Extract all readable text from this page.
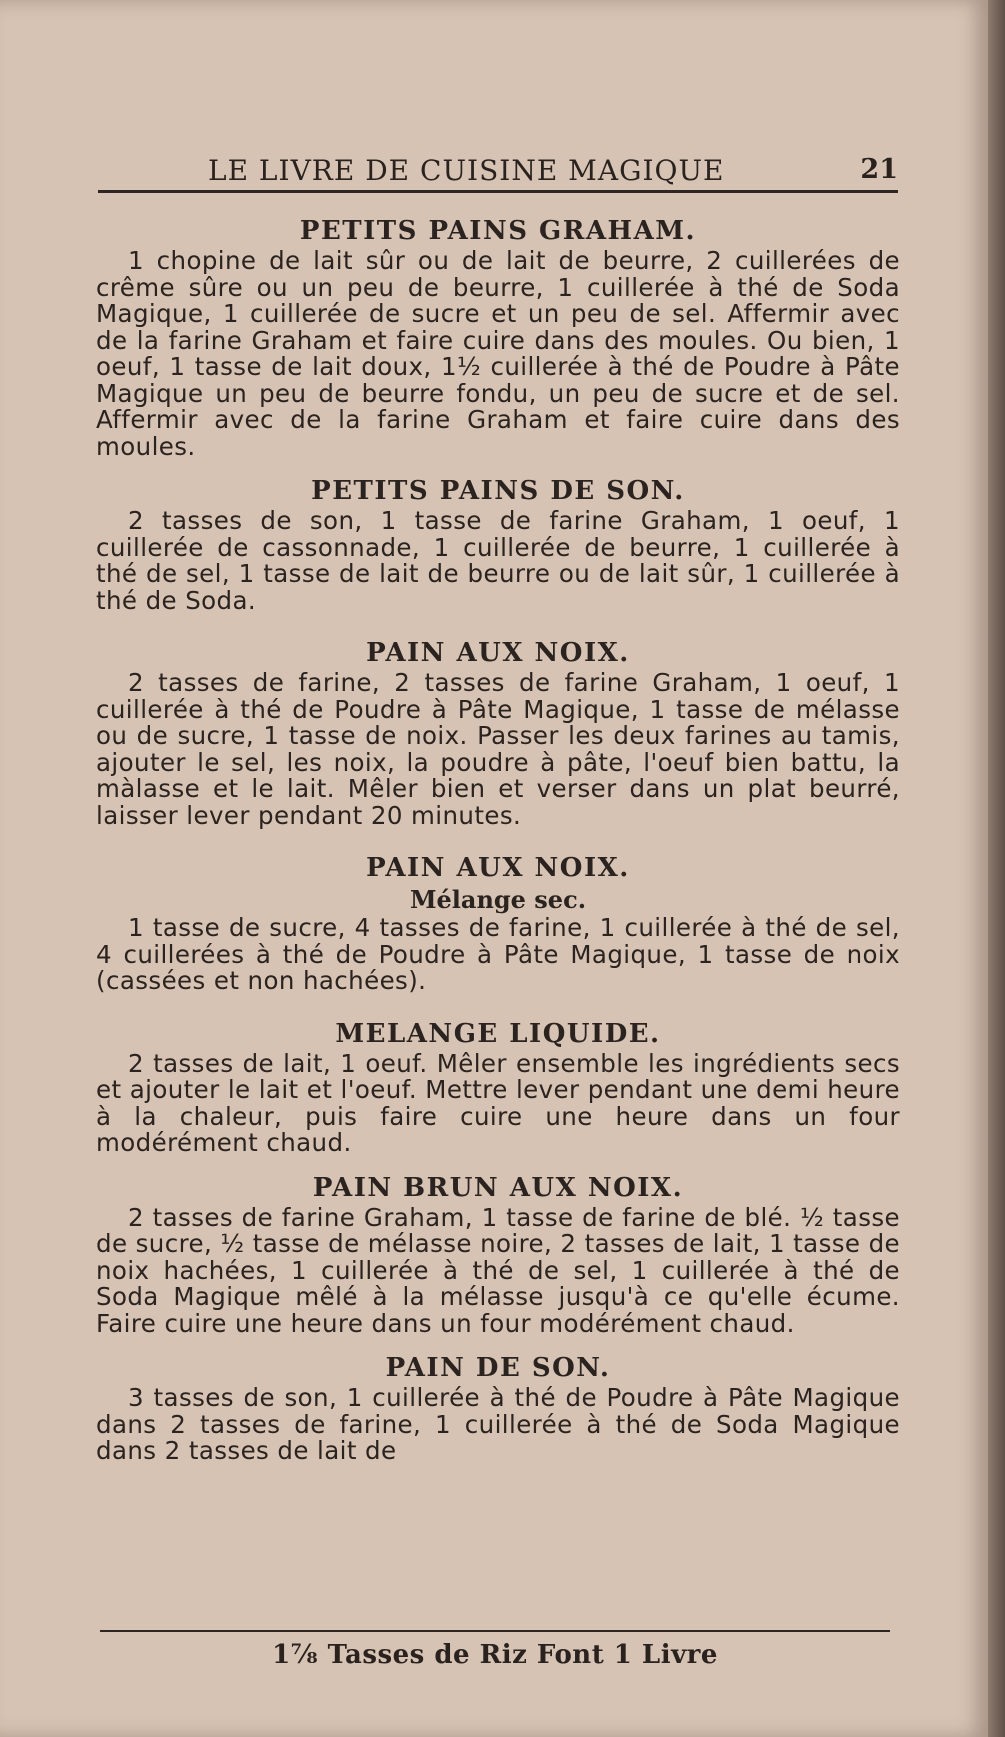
LE LIVRE DE CUISINE MAGIQUE	21
PETITS PAINS GRAHAM.

1 chopine de lait sûr ou de lait de beurre, 2 cuillerées de crême sûre ou un peu de beurre, 1 cuillerée à thé de Soda Magique, 1 cuillerée de sucre et un peu de sel. Affermir avec de la farine Graham et faire cuire dans des moules. Ou bien, 1 oeuf, 1 tasse de lait doux, 1½ cuillerée à thé de Poudre à Pâte Magique un peu de beurre fondu, un peu de sucre et de sel. Affermir avec de la farine Graham et faire cuire dans des moules.

PETITS PAINS DE SON.

2 tasses de son, 1 tasse de farine Graham, 1 oeuf, 1 cuillerée de cassonnade, 1 cuillerée de beurre, 1 cuillerée à thé de sel, 1 tasse de lait de beurre ou de lait sûr, 1 cuillerée à thé de Soda.

PAIN AUX NOIX.

2 tasses de farine, 2 tasses de farine Graham, 1 oeuf, 1 cuillerée à thé de Poudre à Pâte Magique, 1 tasse de mélasse ou de sucre, 1 tasse de noix. Passer les deux farines au tamis, ajouter le sel, les noix, la poudre à pâte, l'oeuf bien battu, la màlasse et le lait. Mêler bien et verser dans un plat beurré, laisser lever pendant 20 minutes.

PAIN AUX NOIX.
Mélange sec.

1 tasse de sucre, 4 tasses de farine, 1 cuillerée à thé de sel, 4 cuillerées à thé de Poudre à Pâte Magique, 1 tasse de noix (cassées et non hachées).

MELANGE LIQUIDE.

2 tasses de lait, 1 oeuf. Mêler ensemble les ingrédients secs et ajouter le lait et l'oeuf. Mettre lever pendant une demi heure à la chaleur, puis faire cuire une heure dans un four modérément chaud.

PAIN BRUN AUX NOIX.

2 tasses de farine Graham, 1 tasse de farine de blé. ½ tasse de sucre, ½ tasse de mélasse noire, 2 tasses de lait, 1 tasse de noix hachées, 1 cuillerée à thé de sel, 1 cuillerée à thé de Soda Magique mêlé à la mélasse jusqu'à ce qu'elle écume. Faire cuire une heure dans un four modérément chaud.

PAIN DE SON.

3 tasses de son, 1 cuillerée à thé de Poudre à Pâte Magique dans 2 tasses de farine, 1 cuillerée à thé de Soda Magique dans 2 tasses de lait de

1⅞ Tasses de Riz Font 1 Livre
